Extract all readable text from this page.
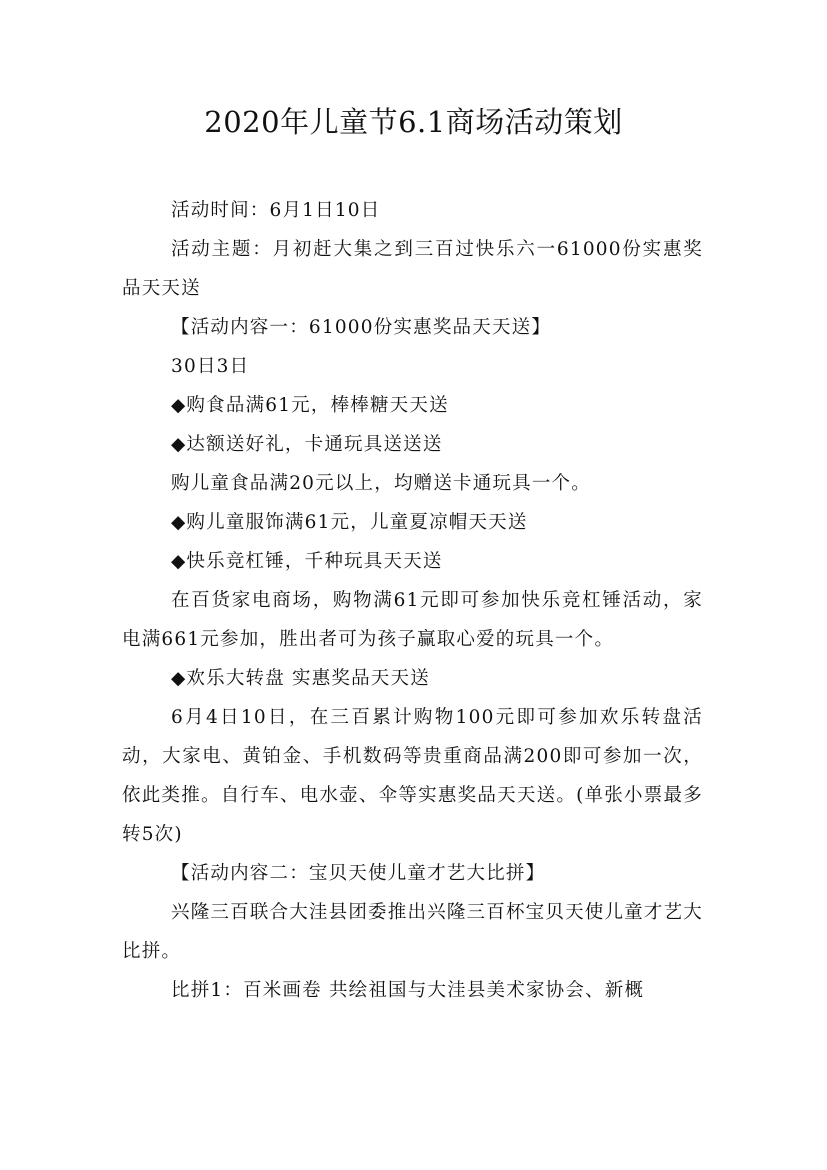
2020年儿童节6.1商场活动策划

活动时间：6月1日10日

活动主题：月初赶大集之到三百过快乐六一61000份实惠奖品天天送

【活动内容一：61000份实惠奖品天天送】

30日3日

◆购食品满61元，棒棒糖天天送

◆达额送好礼，卡通玩具送送送

购儿童食品满20元以上，均赠送卡通玩具一个。

◆购儿童服饰满61元，儿童夏凉帽天天送

◆快乐竞杠锤，千种玩具天天送

在百货家电商场，购物满61元即可参加快乐竞杠锤活动，家电满661元参加，胜出者可为孩子赢取心爱的玩具一个。

◆欢乐大转盘 实惠奖品天天送

6月4日10日，在三百累计购物100元即可参加欢乐转盘活动，大家电、黄铂金、手机数码等贵重商品满200即可参加一次，依此类推。自行车、电水壶、伞等实惠奖品天天送。(单张小票最多转5次)

【活动内容二：宝贝天使儿童才艺大比拼】

兴隆三百联合大洼县团委推出兴隆三百杯宝贝天使儿童才艺大比拼。

比拼1：百米画卷 共绘祖国与大洼县美术家协会、新概
